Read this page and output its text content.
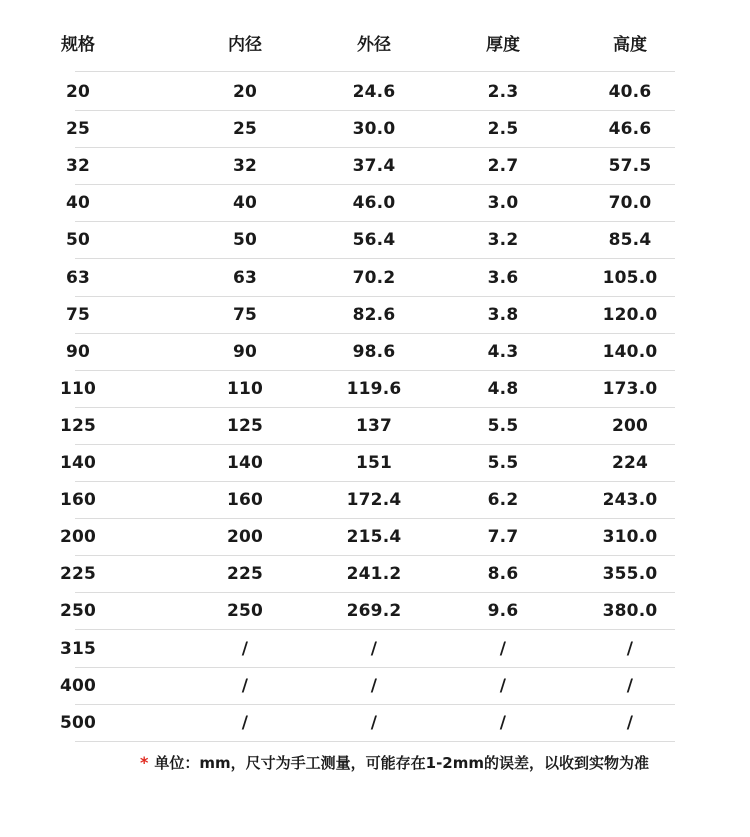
规格	内径	外径	厚度	高度
20	20	24.6	2.3	40.6
25	25	30.0	2.5	46.6
32	32	37.4	2.7	57.5
40	40	46.0	3.0	70.0
50	50	56.4	3.2	85.4
63	63	70.2	3.6	105.0
75	75	82.6	3.8	120.0
90	90	98.6	4.3	140.0
110	110	119.6	4.8	173.0
125	125	137	5.5	200
140	140	151	5.5	224
160	160	172.4	6.2	243.0
200	200	215.4	7.7	310.0
225	225	241.2	8.6	355.0
250	250	269.2	9.6	380.0
315	/	/	/	/
400	/	/	/	/
500	/	/	/	/
* 单位：mm，尺寸为手工测量，可能存在1-2mm的误差，以收到实物为准
